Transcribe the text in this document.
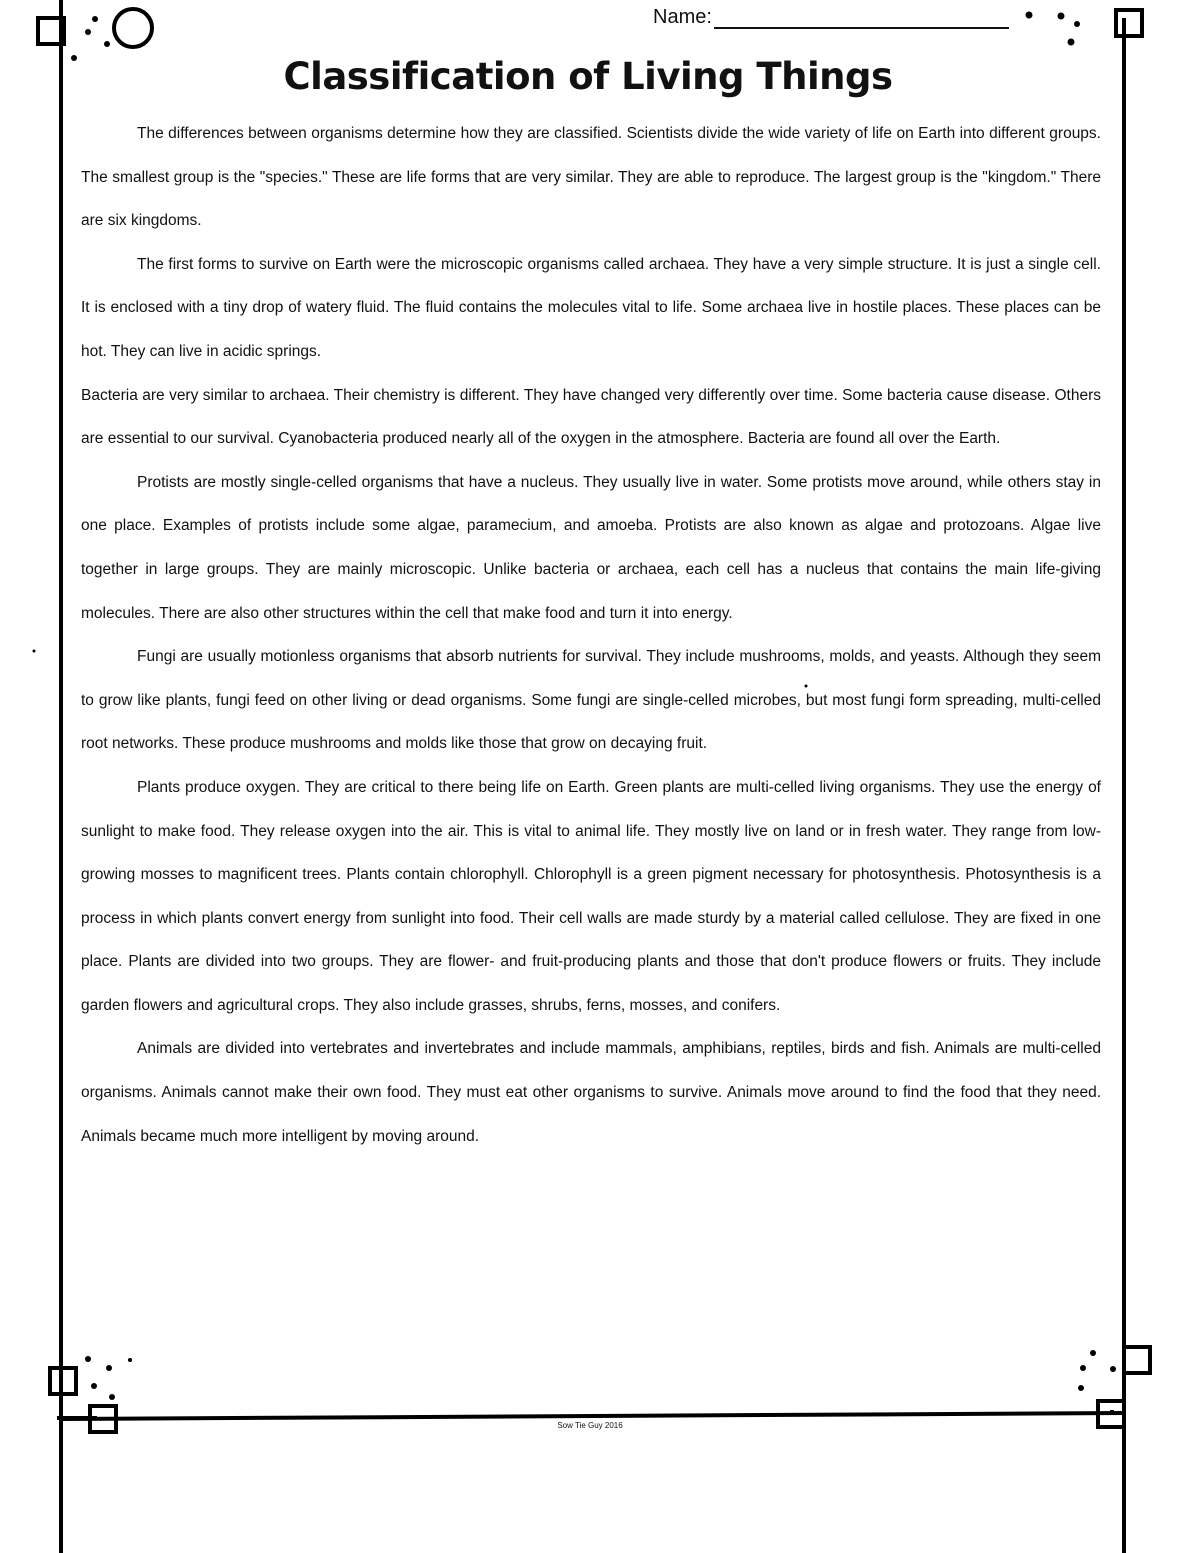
Name:
Classification of Living Things

The differences between organisms determine how they are classified. Scientists divide the wide variety of life on Earth into different groups. The smallest group is the "species." These are life forms that are very similar. They are able to reproduce. The largest group is the "kingdom." There are six kingdoms.

The first forms to survive on Earth were the microscopic organisms called archaea. They have a very simple structure. It is just a single cell. It is enclosed with a tiny drop of watery fluid. The fluid contains the molecules vital to life. Some archaea live in hostile places. These places can be hot. They can live in acidic springs.

Bacteria are very similar to archaea. Their chemistry is different. They have changed very differently over time. Some bacteria cause disease. Others are essential to our survival. Cyanobacteria produced nearly all of the oxygen in the atmosphere. Bacteria are found all over the Earth.

Protists are mostly single-celled organisms that have a nucleus. They usually live in water. Some protists move around, while others stay in one place. Examples of protists include some algae, paramecium, and amoeba. Protists are also known as algae and protozoans. Algae live together in large groups. They are mainly microscopic. Unlike bacteria or archaea, each cell has a nucleus that contains the main life-giving molecules. There are also other structures within the cell that make food and turn it into energy.

Fungi are usually motionless organisms that absorb nutrients for survival. They include mushrooms, molds, and yeasts. Although they seem to grow like plants, fungi feed on other living or dead organisms. Some fungi are single-celled microbes, but most fungi form spreading, multi-celled root networks. These produce mushrooms and molds like those that grow on decaying fruit.

Plants produce oxygen. They are critical to there being life on Earth. Green plants are multi-celled living organisms. They use the energy of sunlight to make food. They release oxygen into the air. This is vital to animal life. They mostly live on land or in fresh water. They range from low-growing mosses to magnificent trees. Plants contain chlorophyll. Chlorophyll is a green pigment necessary for photosynthesis. Photosynthesis is a process in which plants convert energy from sunlight into food. Their cell walls are made sturdy by a material called cellulose. They are fixed in one place. Plants are divided into two groups. They are flower- and fruit-producing plants and those that don't produce flowers or fruits. They include garden flowers and agricultural crops. They also include grasses, shrubs, ferns, mosses, and conifers.

Animals are divided into vertebrates and invertebrates and include mammals, amphibians, reptiles, birds and fish. Animals are multi-celled organisms. Animals cannot make their own food. They must eat other organisms to survive. Animals move around to find the food that they need. Animals became much more intelligent by moving around.

Sow Tie Guy 2016
